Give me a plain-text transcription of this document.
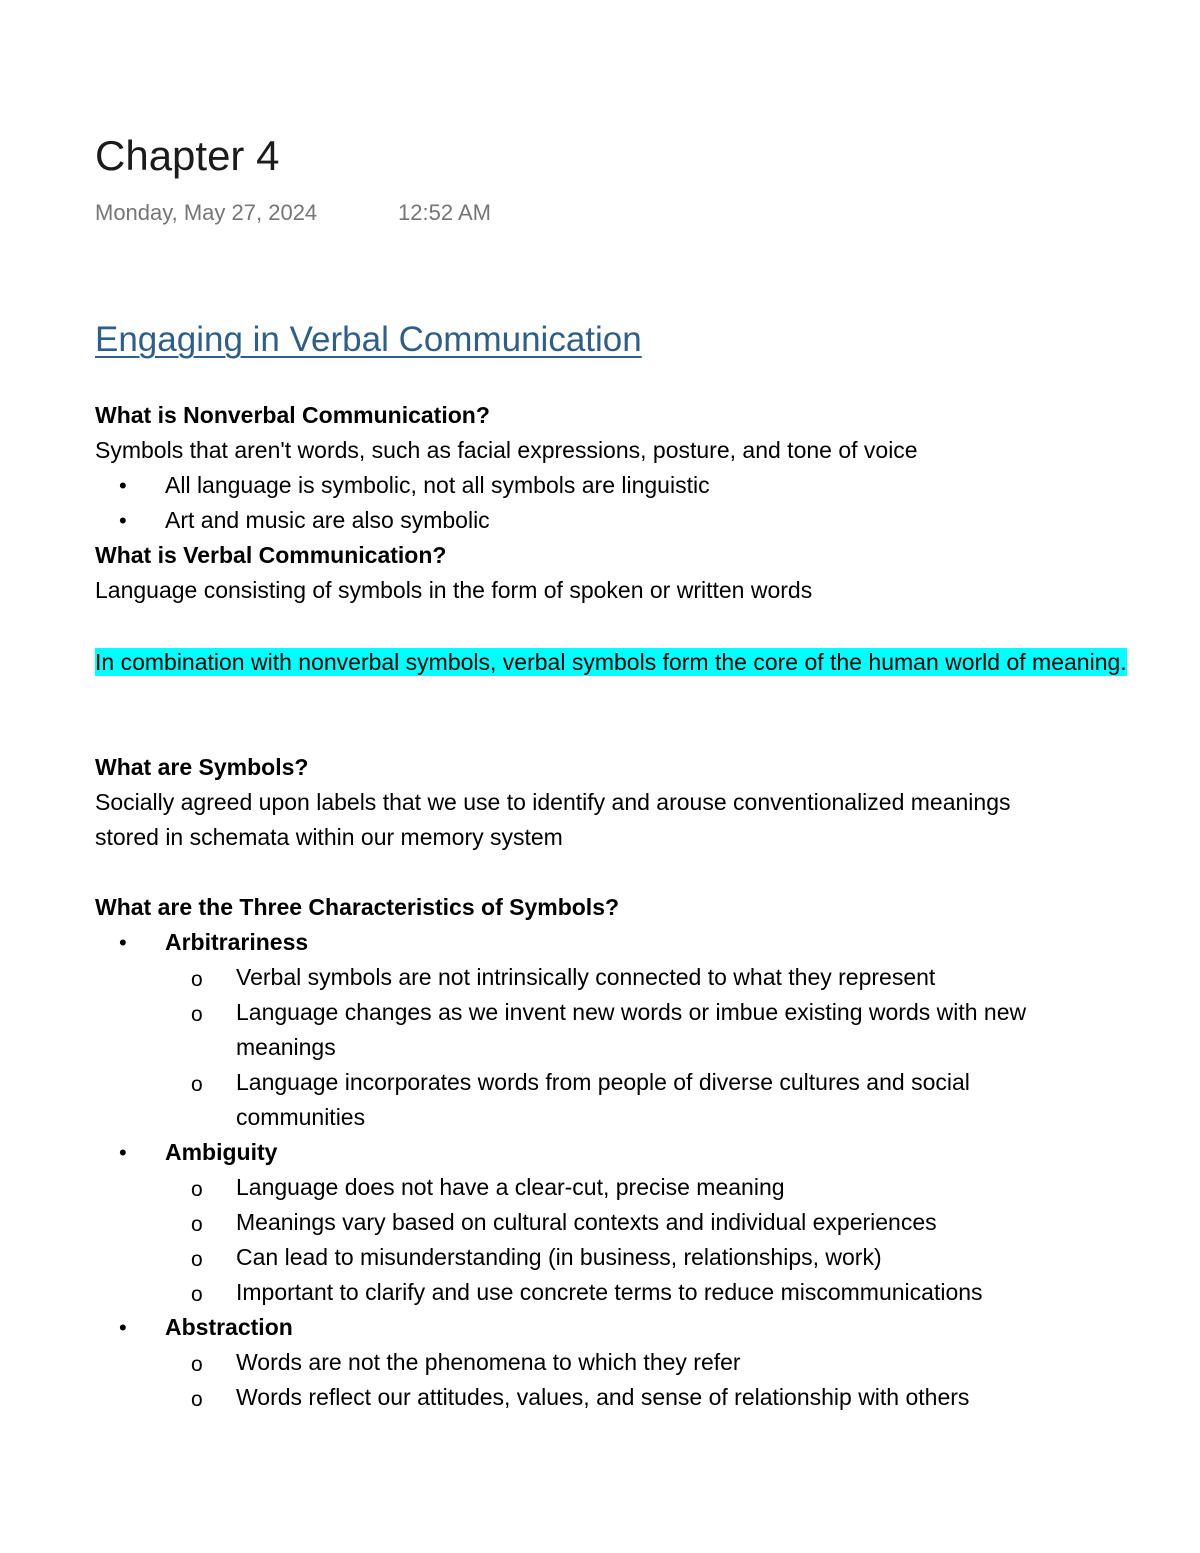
Chapter 4
Monday, May 27, 2024	12:52 AM
Engaging in Verbal Communication
What is Nonverbal Communication?
Symbols that aren't words, such as facial expressions, posture, and tone of voice
• All language is symbolic, not all symbols are linguistic
• Art and music are also symbolic
What is Verbal Communication?
Language consisting of symbols in the form of spoken or written words
In combination with nonverbal symbols, verbal symbols form the core of the human world of meaning.
What are Symbols?
Socially agreed upon labels that we use to identify and arouse conventionalized meanings
stored in schemata within our memory system
What are the Three Characteristics of Symbols?
• Arbitrariness
o Verbal symbols are not intrinsically connected to what they represent
o Language changes as we invent new words or imbue existing words with new
meanings
o Language incorporates words from people of diverse cultures and social
communities
• Ambiguity
o Language does not have a clear-cut, precise meaning
o Meanings vary based on cultural contexts and individual experiences
o Can lead to misunderstanding (in business, relationships, work)
o Important to clarify and use concrete terms to reduce miscommunications
• Abstraction
o Words are not the phenomena to which they refer
o Words reflect our attitudes, values, and sense of relationship with others
